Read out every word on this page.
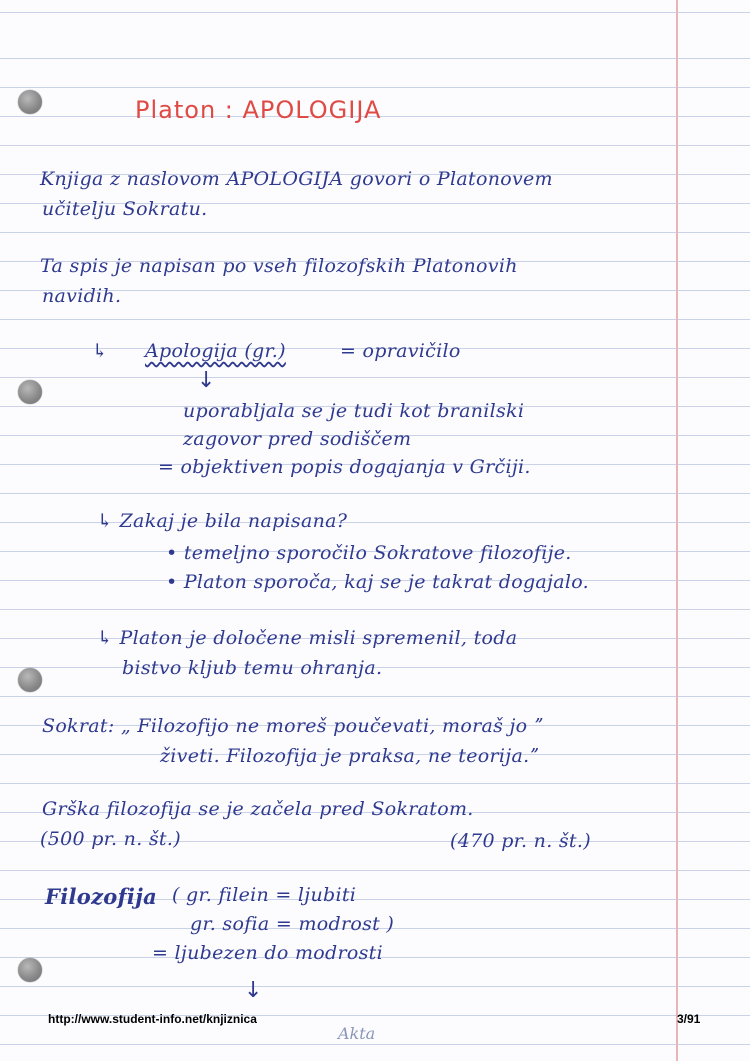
Platon : APOLOGIJA
Knjiga z naslovom APOLOGIJA govori o Platonovem
učitelju Sokratu.
Ta spis je napisan po vseh filozofskih Platonovih
navidih.
↳ Apologija (gr.)	= opravičilo
↓
uporabljala se je tudi kot branilski
zagovor pred sodiščem
= objektiven popis dogajanja v Grčiji.
↳ Zakaj je bila napisana?
• temeljno sporočilo Sokratove filozofije.
• Platon sporoča, kaj se je takrat dogajalo.
↳ Platon je določene misli spremenil, toda
bistvo kljub temu ohranja.
Sokrat: „ Filozofijo ne moreš poučevati, moraš jo ˮ
živeti. Filozofija je praksa, ne teorija.ˮ
Grška filozofija se je začela pred Sokratom.
(500 pr. n. št.)	(470 pr. n. št.)
Filozofija ( gr. filein = ljubiti
gr. sofia = modrost )
= ljubezen do modrosti
↓
http://www.student-info.net/knjiznica	3/91
Akta
